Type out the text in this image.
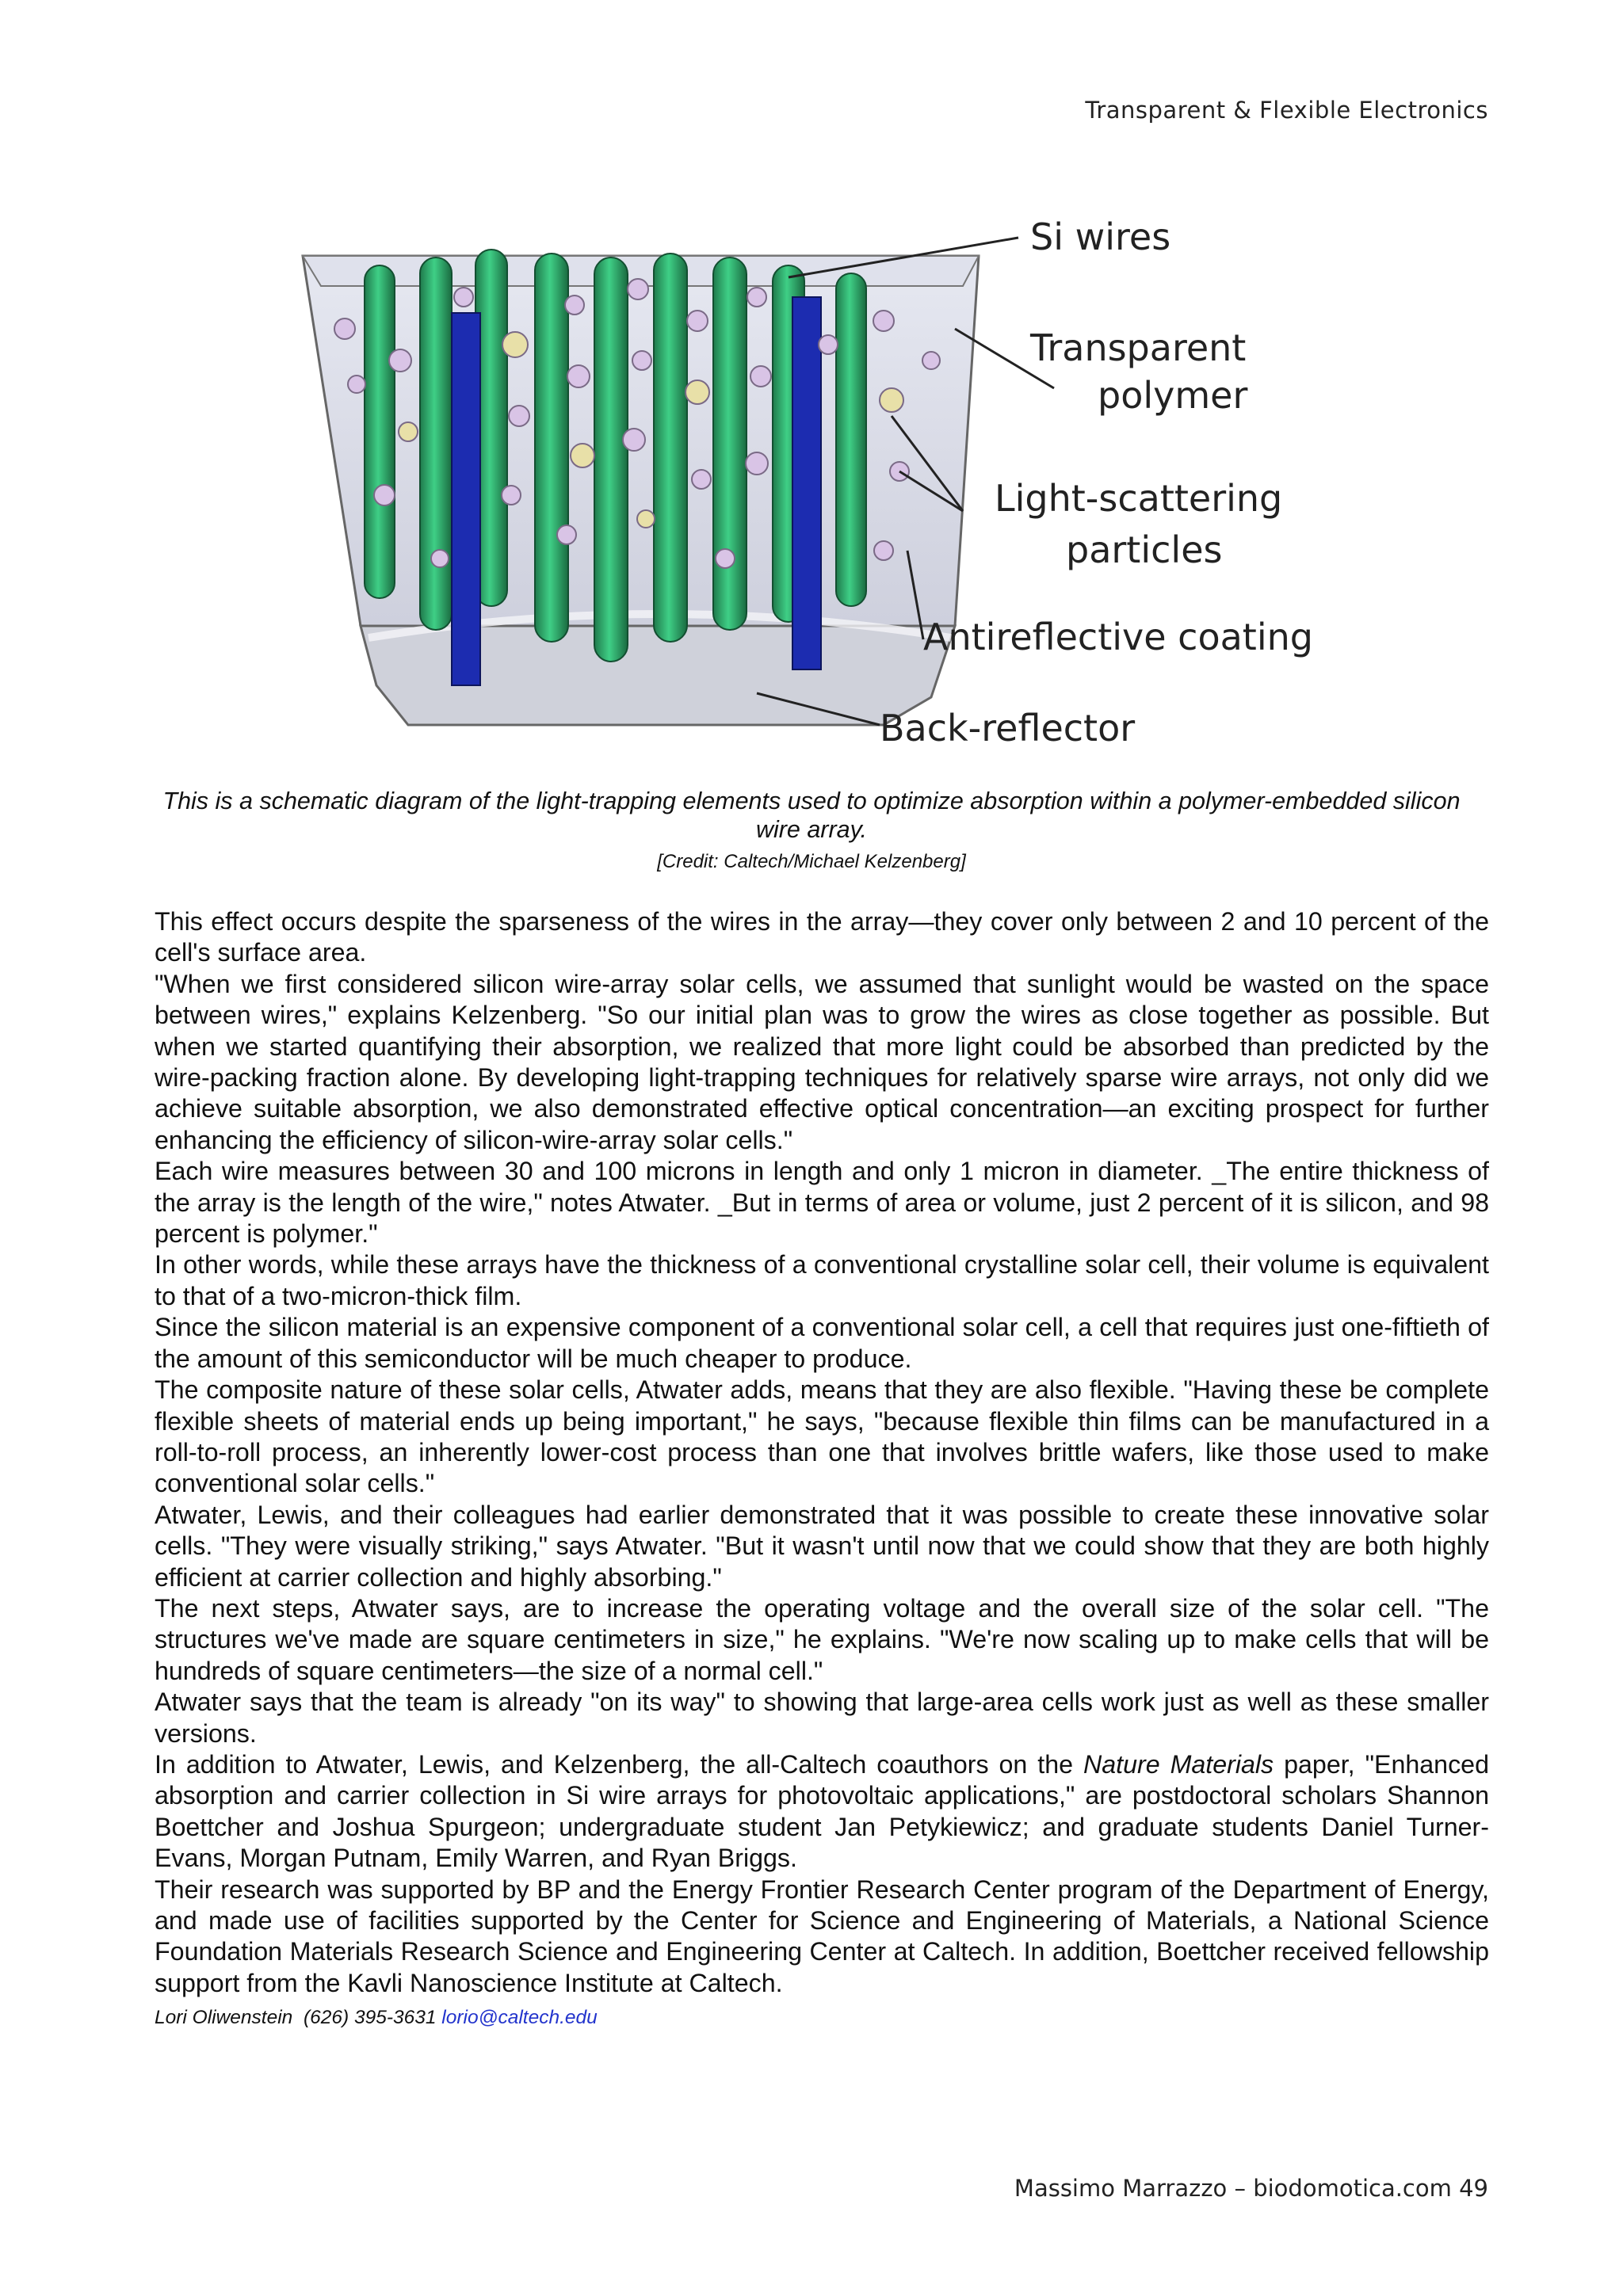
Transparent & Flexible Electronics
Si wires
Transparent
polymer
Light-scattering
particles
Antireflective coating
Back-reflector
This is a schematic diagram of the light-trapping elements used to optimize absorption within a polymer-embedded silicon wire array.
[Credit: Caltech/Michael Kelzenberg]

This effect occurs despite the sparseness of the wires in the array—they cover only between 2 and 10 percent of the cell's surface area.

"When we first considered silicon wire-array solar cells, we assumed that sunlight would be wasted on the space between wires," explains Kelzenberg. "So our initial plan was to grow the wires as close together as possible. But when we started quantifying their absorption, we realized that more light could be absorbed than predicted by the wire-packing fraction alone. By developing light-trapping techniques for relatively sparse wire arrays, not only did we achieve suitable absorption, we also demonstrated effective optical concentration—an exciting prospect for further enhancing the efficiency of silicon-wire-array solar cells."

Each wire measures between 30 and 100 microns in length and only 1 micron in diameter. _The entire thickness of the array is the length of the wire," notes Atwater. _But in terms of area or volume, just 2 percent of it is silicon, and 98 percent is polymer."

In other words, while these arrays have the thickness of a conventional crystalline solar cell, their volume is equivalent to that of a two-micron-thick film.

Since the silicon material is an expensive component of a conventional solar cell, a cell that requires just one-fiftieth of the amount of this semiconductor will be much cheaper to produce.

The composite nature of these solar cells, Atwater adds, means that they are also flexible. "Having these be complete flexible sheets of material ends up being important," he says, "because flexible thin films can be manufactured in a roll-to-roll process, an inherently lower-cost process than one that involves brittle wafers, like those used to make conventional solar cells."

Atwater, Lewis, and their colleagues had earlier demonstrated that it was possible to create these innovative solar cells. "They were visually striking," says Atwater. "But it wasn't until now that we could show that they are both highly efficient at carrier collection and highly absorbing."

The next steps, Atwater says, are to increase the operating voltage and the overall size of the solar cell. "The structures we've made are square centimeters in size," he explains. "We're now scaling up to make cells that will be hundreds of square centimeters—the size of a normal cell."

Atwater says that the team is already "on its way" to showing that large-area cells work just as well as these smaller versions.

In addition to Atwater, Lewis, and Kelzenberg, the all-Caltech coauthors on the Nature Materials paper, "Enhanced absorption and carrier collection in Si wire arrays for photovoltaic applications," are postdoctoral scholars Shannon Boettcher and Joshua Spurgeon; undergraduate student Jan Petykiewicz; and graduate students Daniel Turner-Evans, Morgan Putnam, Emily Warren, and Ryan Briggs.

Their research was supported by BP and the Energy Frontier Research Center program of the Department of Energy, and made use of facilities supported by the Center for Science and Engineering of Materials, a National Science Foundation Materials Research Science and Engineering Center at Caltech. In addition, Boettcher received fellowship support from the Kavli Nanoscience Institute at Caltech.

Lori Oliwenstein (626) 395-3631 lorio@caltech.edu
Massimo Marrazzo – biodomotica.com 49
